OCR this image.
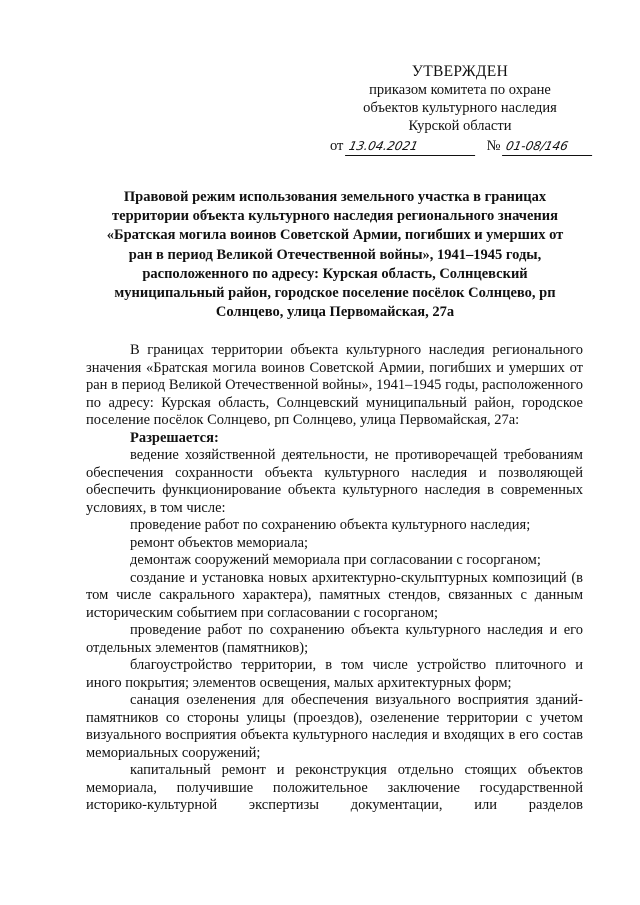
УТВЕРЖДЕН
приказом комитета по охране
объектов культурного наследия
Курской области
от 13.04.2021	№ 01-08/146
Правовой режим использования земельного участка в границах территории объекта культурного наследия регионального значения «Братская могила воинов Советской Армии, погибших и умерших от ран в период Великой Отечественной войны», 1941–1945 годы, расположенного по адресу: Курская область, Солнцевский муниципальный район, городское поселение посёлок Солнцево, рп Солнцево, улица Первомайская, 27а

В границах территории объекта культурного наследия регионального значения «Братская могила воинов Советской Армии, погибших и умерших от ран в период Великой Отечественной войны», 1941–1945 годы, расположенного по адресу: Курская область, Солнцевский муниципальный район, городское поселение посёлок Солнцево, рп Солнцево, улица Первомайская, 27а:

Разрешается:

ведение хозяйственной деятельности, не противоречащей требованиям обеспечения сохранности объекта культурного наследия и позволяющей обеспечить функционирование объекта культурного наследия в современных условиях, в том числе:

проведение работ по сохранению объекта культурного наследия;

ремонт объектов мемориала;

демонтаж сооружений мемориала при согласовании с госорганом;

создание и установка новых архитектурно-скульптурных композиций (в том числе сакрального характера), памятных стендов, связанных с данным историческим событием при согласовании с госорганом;

проведение работ по сохранению объекта культурного наследия и его отдельных элементов (памятников);

благоустройство территории, в том числе устройство плиточного и иного покрытия; элементов освещения, малых архитектурных форм;

санация озеленения для обеспечения визуального восприятия зданий-памятников со стороны улицы (проездов), озеленение территории с учетом визуального восприятия объекта культурного наследия и входящих в его состав мемориальных сооружений;

капитальный ремонт и реконструкция отдельно стоящих объектов мемориала, получившие положительное заключение государственной историко-культурной экспертизы документации, или разделов
